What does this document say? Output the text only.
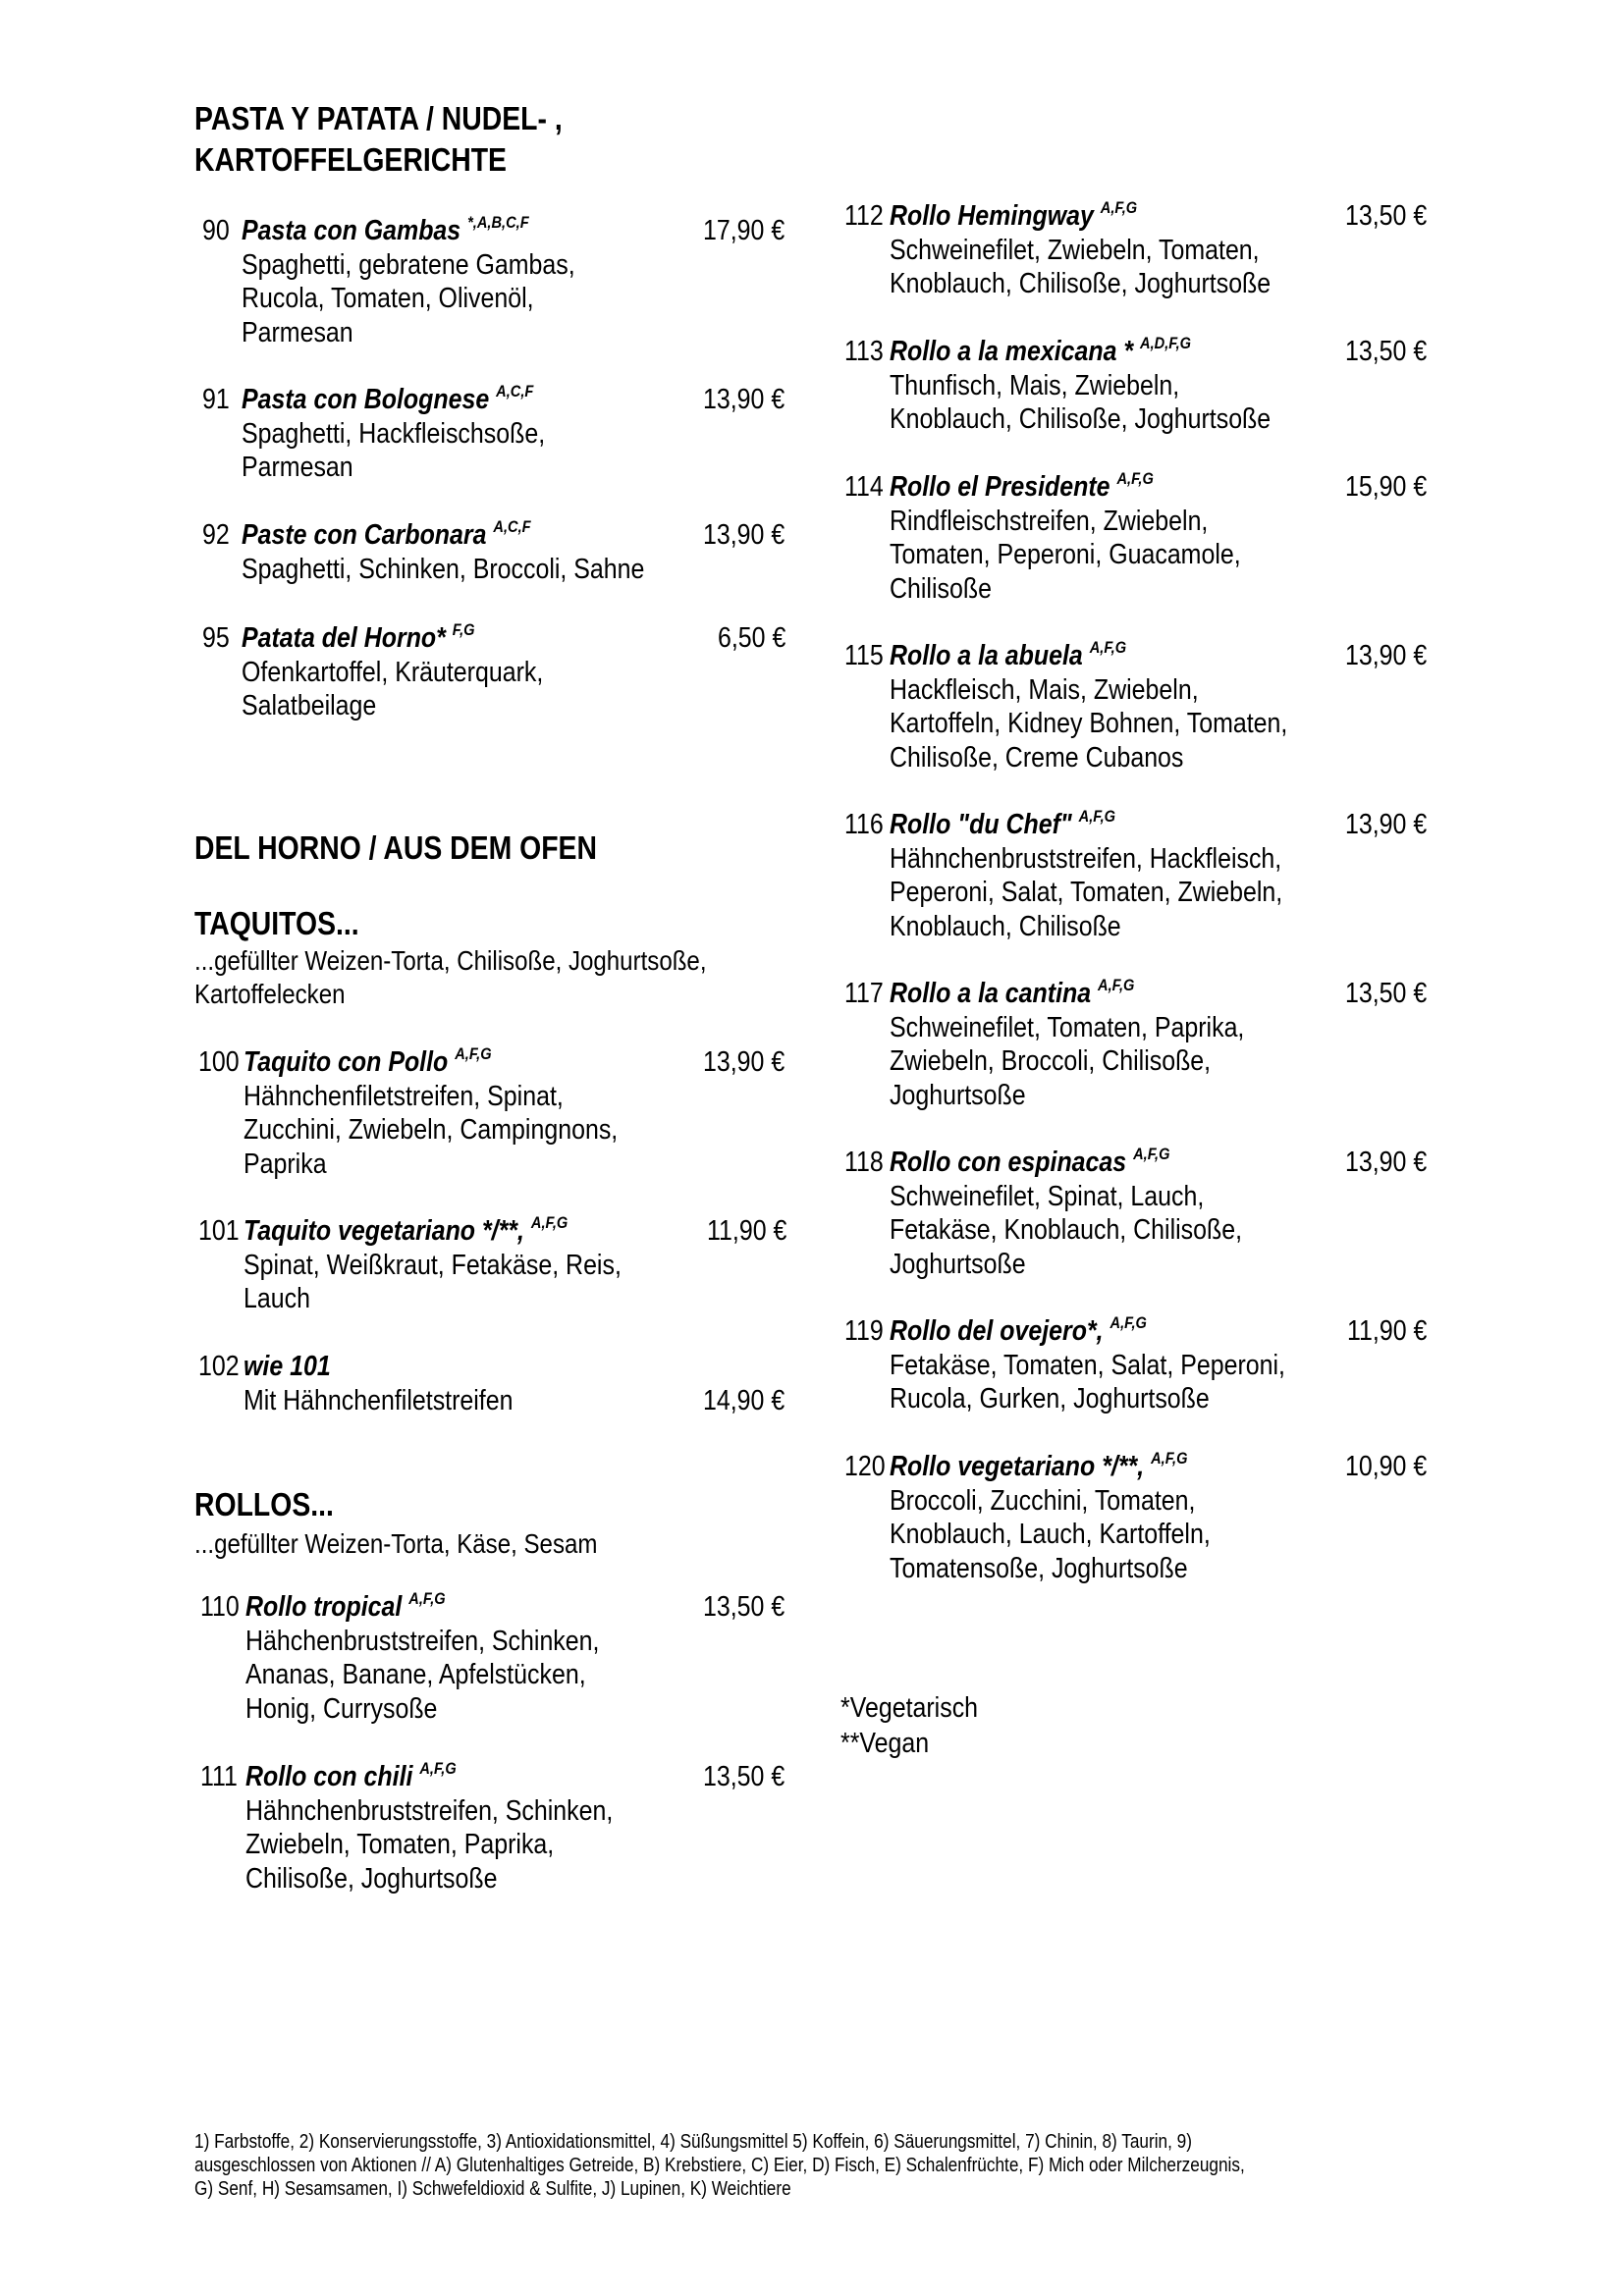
PASTA Y PATATA / NUDEL- ,
KARTOFFELGERICHTE
90 Pasta con Gambas $^{*,A,B,C,F}$	17,90 €
Spaghetti, gebratene Gambas,
Rucola, Tomaten, Olivenöl,
Parmesan
91 Pasta con Bolognese $^{A,C,F}$	13,90 €
Spaghetti, Hackfleischsoße,
Parmesan
92 Paste con Carbonara $^{A,C,F}$	13,90 €
Spaghetti, Schinken, Broccoli, Sahne
95 Patata del Horno* $^{F,G}$	6,50 €
Ofenkartoffel, Kräuterquark,
Salatbeilage
DEL HORNO / AUS DEM OFEN
TAQUITOS...
...gefüllter Weizen-Torta, Chilisoße, Joghurtsoße,
Kartoffelecken
100 Taquito con Pollo $^{A,F,G}$	13,90 €
Hähnchenfiletstreifen, Spinat,
Zucchini, Zwiebeln, Campingnons,
Paprika
101 Taquito vegetariano */**, $^{A,F,G}$	11,90 €
Spinat, Weißkraut, Fetakäse, Reis,
Lauch
102 wie 101
14,90 €
Mit Hähnchenfiletstreifen
ROLLOS...
...gefüllter Weizen-Torta, Käse, Sesam
110 Rollo tropical $^{A,F,G}$	13,50 €
Hähchenbruststreifen, Schinken,
Ananas, Banane, Apfelstücken,
Honig, Currysoße
111 Rollo con chili $^{A,F,G}$	13,50 €
Hähnchenbruststreifen, Schinken,
Zwiebeln, Tomaten, Paprika,
Chilisoße, Joghurtsoße
112 Rollo Hemingway $^{A,F,G}$	13,50 €
Schweinefilet, Zwiebeln, Tomaten,
Knoblauch, Chilisoße, Joghurtsoße
113 Rollo a la mexicana * $^{A,D,F,G}$	13,50 €
Thunfisch, Mais, Zwiebeln,
Knoblauch, Chilisoße, Joghurtsoße
114 Rollo el Presidente $^{A,F,G}$	15,90 €
Rindfleischstreifen, Zwiebeln,
Tomaten, Peperoni, Guacamole,
Chilisoße
115 Rollo a la abuela $^{A,F,G}$	13,90 €
Hackfleisch, Mais, Zwiebeln,
Kartoffeln, Kidney Bohnen, Tomaten,
Chilisoße, Creme Cubanos
116 Rollo "du Chef" $^{A,F,G}$	13,90 €
Hähnchenbruststreifen, Hackfleisch,
Peperoni, Salat, Tomaten, Zwiebeln,
Knoblauch, Chilisoße
117 Rollo a la cantina $^{A,F,G}$	13,50 €
Schweinefilet, Tomaten, Paprika,
Zwiebeln, Broccoli, Chilisoße,
Joghurtsoße
118 Rollo con espinacas $^{A,F,G}$	13,90 €
Schweinefilet, Spinat, Lauch,
Fetakäse, Knoblauch, Chilisoße,
Joghurtsoße
119 Rollo del ovejero*, $^{A,F,G}$	11,90 €
Fetakäse, Tomaten, Salat, Peperoni,
Rucola, Gurken, Joghurtsoße
120 Rollo vegetariano */**, $^{A,F,G}$	10,90 €
Broccoli, Zucchini, Tomaten,
Knoblauch, Lauch, Kartoffeln,
Tomatensoße, Joghurtsoße
*Vegetarisch
**Vegan
1) Farbstoffe, 2) Konservierungsstoffe, 3) Antioxidationsmittel, 4) Süßungsmittel 5) Koffein, 6) Säuerungsmittel, 7) Chinin, 8) Taurin, 9)
ausgeschlossen von Aktionen // A) Glutenhaltiges Getreide, B) Krebstiere, C) Eier, D) Fisch, E) Schalenfrüchte, F) Mich oder Milcherzeugnis,
G) Senf, H) Sesamsamen, I) Schwefeldioxid & Sulfite, J) Lupinen, K) Weichtiere
